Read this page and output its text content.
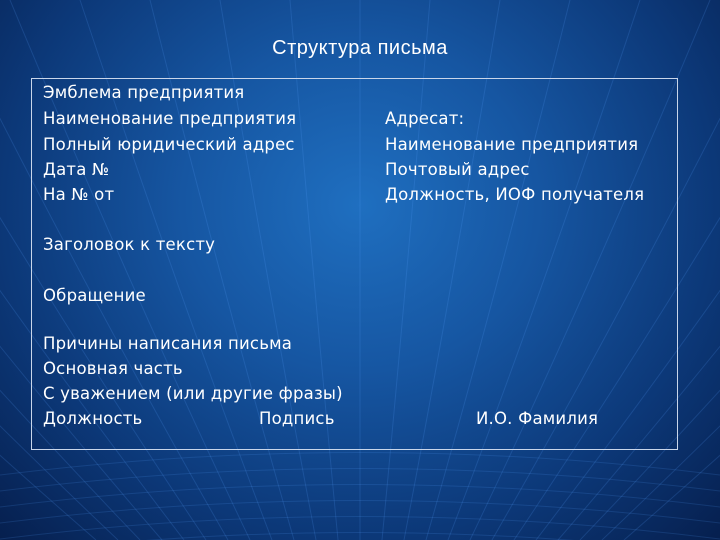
Структура письма
Эмблема предприятия
Наименование предприятия
Полный юридический адрес
Дата №
На № от
Адресат:
Наименование предприятия
Почтовый адрес
Должность, ИОФ получателя
Заголовок к тексту
Обращение
Причины написания письма
Основная часть
С уважением (или другие фразы)
Должность	Подпись	И.О. Фамилия
